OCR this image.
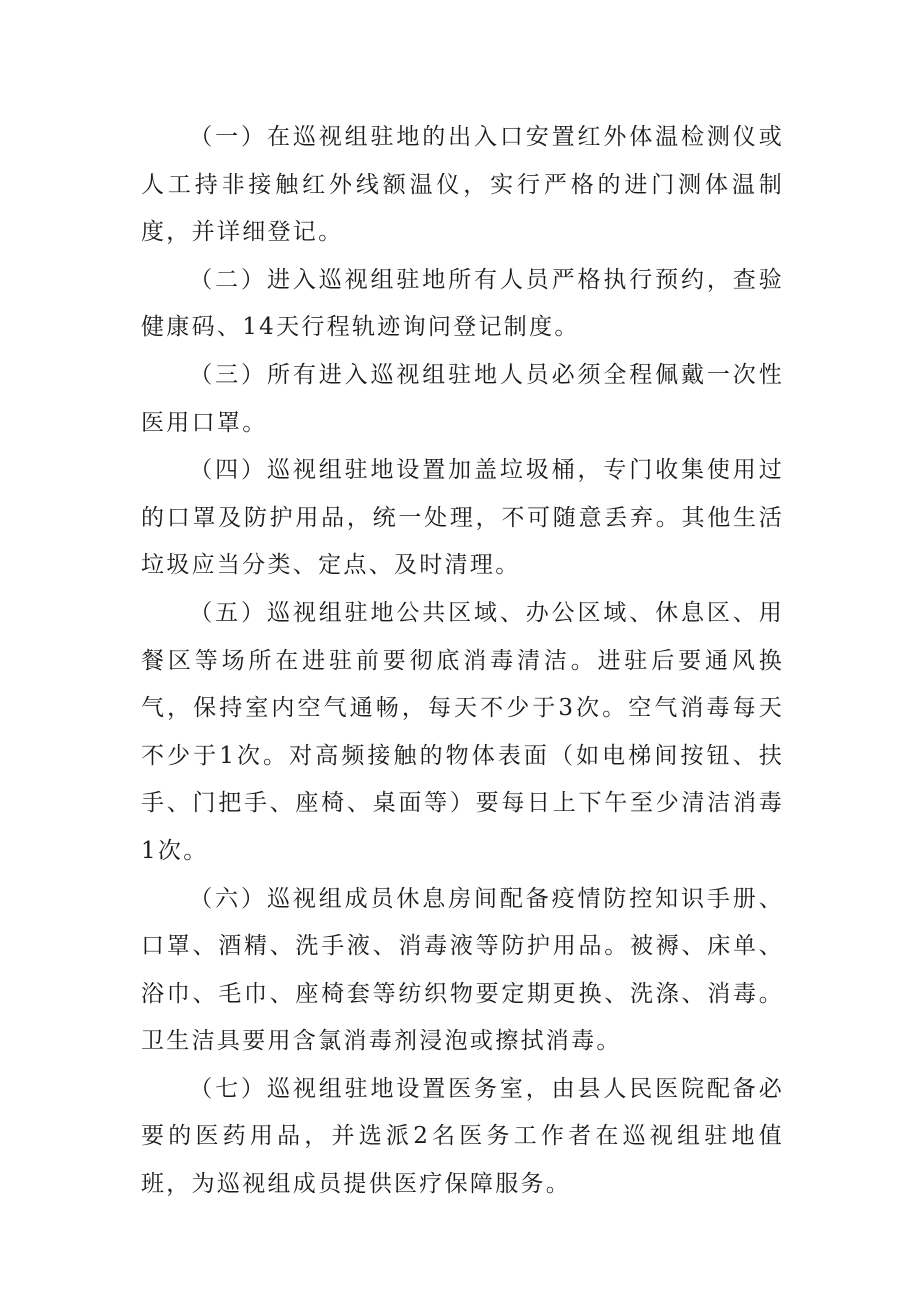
（一）在巡视组驻地的出入口安置红外体温检测仪或人工持非接触红外线额温仪，实行严格的进门测体温制度，并详细登记。

（二）进入巡视组驻地所有人员严格执行预约，查验健康码、14天行程轨迹询问登记制度。

（三）所有进入巡视组驻地人员必须全程佩戴一次性医用口罩。

（四）巡视组驻地设置加盖垃圾桶，专门收集使用过的口罩及防护用品，统一处理，不可随意丢弃。其他生活垃圾应当分类、定点、及时清理。

（五）巡视组驻地公共区域、办公区域、休息区、用餐区等场所在进驻前要彻底消毒清洁。进驻后要通风换气，保持室内空气通畅，每天不少于3次。空气消毒每天不少于1次。对高频接触的物体表面（如电梯间按钮、扶手、门把手、座椅、桌面等）要每日上下午至少清洁消毒1次。

（六）巡视组成员休息房间配备疫情防控知识手册、口罩、酒精、洗手液、消毒液等防护用品。被褥、床单、浴巾、毛巾、座椅套等纺织物要定期更换、洗涤、消毒。卫生洁具要用含氯消毒剂浸泡或擦拭消毒。

（七）巡视组驻地设置医务室，由县人民医院配备必要的医药用品，并选派2名医务工作者在巡视组驻地值班，为巡视组成员提供医疗保障服务。
